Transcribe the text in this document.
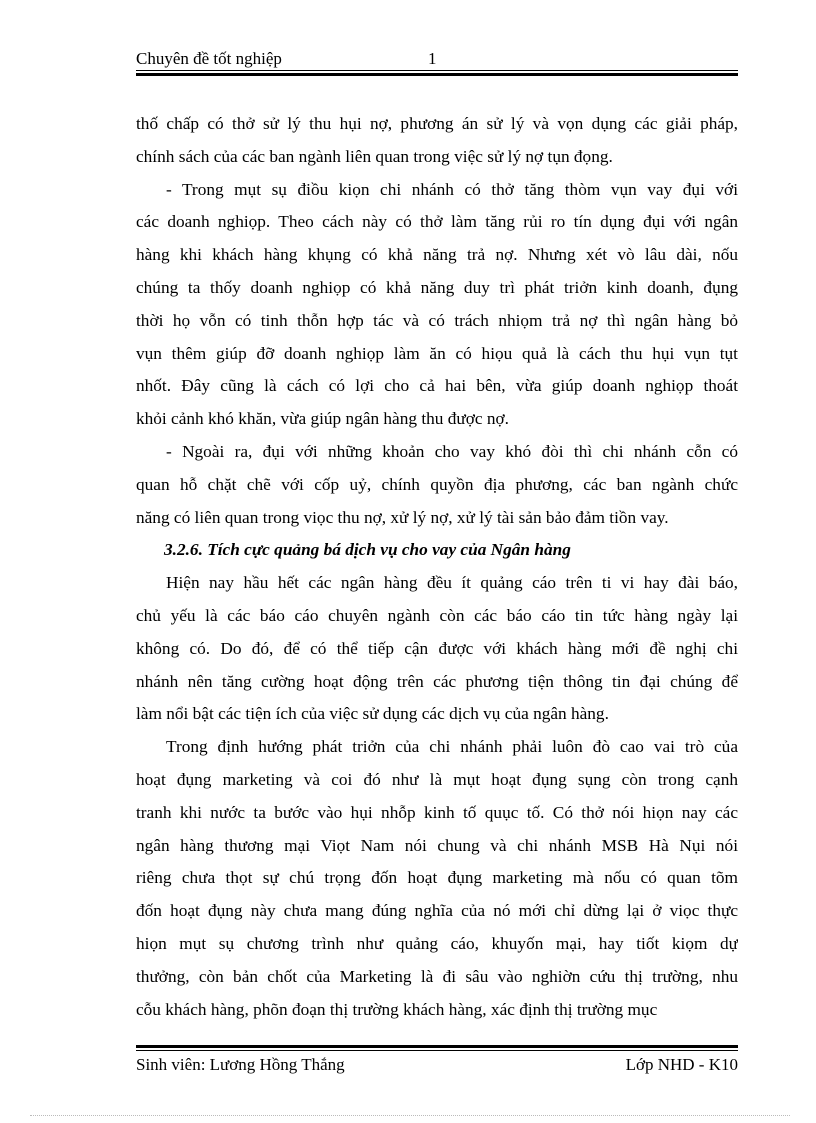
Chuyên đề tốt nghiệp	1
thố chấp có thở sử lý thu hụi nợ, phương án sử lý và vọn dụng các giải pháp,
chính sách của các ban ngành liên quan trong việc sử lý nợ tụn đọng.
- Trong mụt sụ điồu kiọn chi nhánh có thở tăng thòm vụn vay đụi với
các doanh nghiọp. Theo cách này có thở làm tăng rủi ro tín dụng đụi với ngân
hàng khi khách hàng khụng có khả năng trả nợ. Nhưng xét vò lâu dài, nốu
chúng ta thốy doanh nghiọp có khả năng duy trì phát triởn kinh doanh, đụng
thời họ vỗn có tinh thỗn hợp tác và có trách nhiọm trả nợ thì ngân hàng bỏ
vụn thêm giúp đỡ doanh nghiọp làm ăn có hiọu quả là cách thu hụi vụn tụt
nhốt. Đây cũng là cách có lợi cho cả hai bên, vừa giúp doanh nghiọp thoát
khỏi cảnh khó khăn, vừa giúp ngân hàng thu được nợ.
- Ngoài ra, đụi với những khoản cho vay khó đòi thì chi nhánh cỗn có
quan hỗ chặt chẽ với cốp uỷ, chính quyồn địa phương, các ban ngành chức
năng có liên quan trong viọc thu nợ, xử lý nợ, xử lý tài sản bảo đảm tiồn vay.
3.2.6. Tích cực quảng bá dịch vụ cho vay của Ngân hàng
Hiện nay hầu hết các ngân hàng đều ít quảng cáo trên ti vi hay đài báo,
chủ yếu là các báo cáo chuyên ngành còn các báo cáo tin tức hàng ngày lại
không có. Do đó, để có thể tiếp cận được với khách hàng mới đề nghị chi
nhánh nên tăng cường hoạt động trên các phương tiện thông tin đại chúng để
làm nổi bật các tiện ích của việc sử dụng các dịch vụ của ngân hàng.
Trong định hướng phát triởn của chi nhánh phải luôn đò cao vai trò của
hoạt đụng marketing và coi đó như là mụt hoạt đụng sụng còn trong cạnh
tranh khi nước ta bước vào hụi nhỗp kinh tố quục tố. Có thở nói hiọn nay các
ngân hàng thương mại Viọt Nam nói chung và chi nhánh MSB Hà Nụi nói
riêng chưa thọt sự chú trọng đốn hoạt đụng marketing mà nốu có quan tõm
đốn hoạt đụng này chưa mang đúng nghĩa của nó mới chỉ dừng lại ở viọc thực
hiọn mụt sụ chương trình như quảng cáo, khuyốn mại, hay tiốt kiọm dự
thưởng, còn bản chốt của Marketing là đi sâu vào nghiờn cứu thị trường, nhu
cỗu khách hàng, phõn đoạn thị trường khách hàng, xác định thị trường mục
Sinh viên: Lương Hồng Thắng	Lớp NHD - K10
